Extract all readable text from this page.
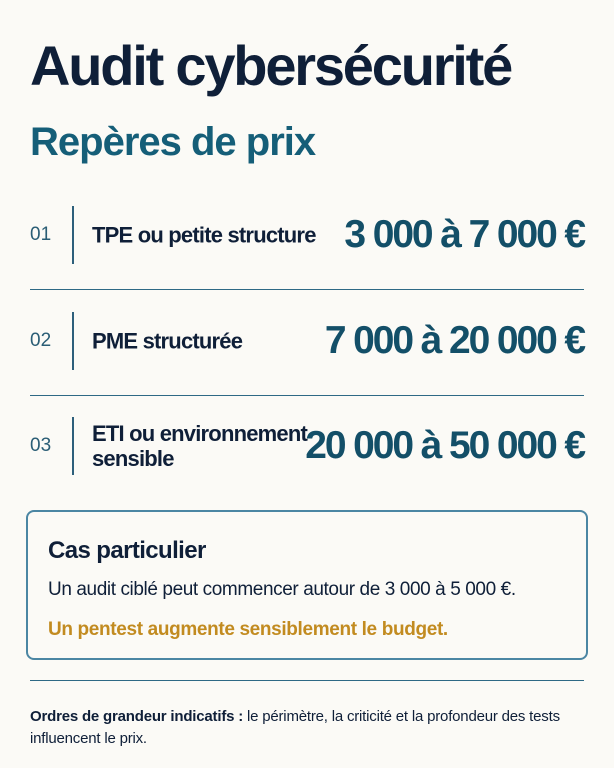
Audit cybersécurité
Repères de prix
01 TPE ou petite structure 3 000 à 7 000 €
02 PME structurée	7 000 à 20 000 €
03 ETI ou environnement sensible	20 000 à 50 000 €
Cas particulier

Un audit ciblé peut commencer autour de 3 000 à 5 000 €.

Un pentest augmente sensiblement le budget.

Ordres de grandeur indicatifs : le périmètre, la criticité et la profondeur des tests influencent le prix.
